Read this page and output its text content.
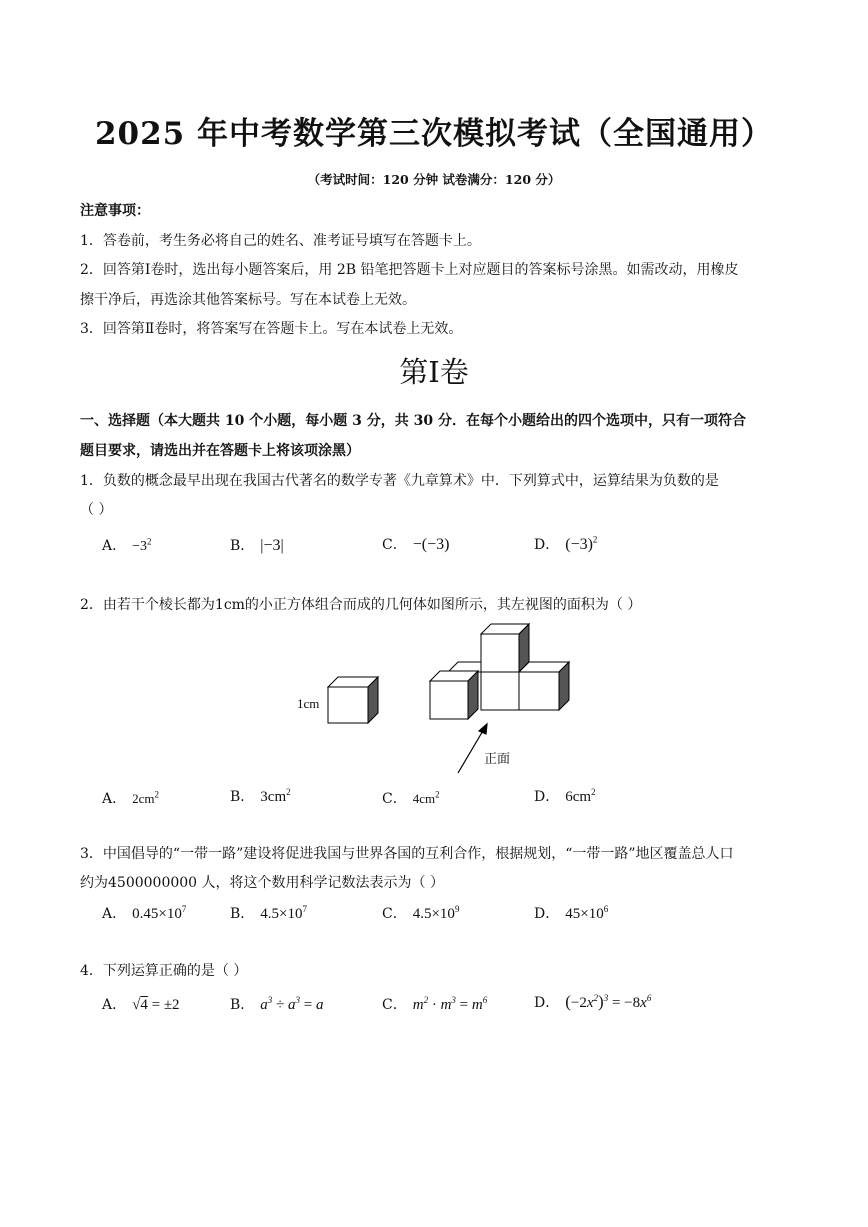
2025 年中考数学第三次模拟考试（全国通用）
（考试时间：120 分钟 试卷满分：120 分）
注意事项：
1．答卷前，考生务必将自己的姓名、准考证号填写在答题卡上。
2．回答第Ⅰ卷时，选出每小题答案后，用 2B 铅笔把答题卡上对应题目的答案标号涂黑。如需改动，用橡皮
擦干净后，再选涂其他答案标号。写在本试卷上无效。
3．回答第Ⅱ卷时，将答案写在答题卡上。写在本试卷上无效。
第Ⅰ卷
一、选择题（本大题共 10 个小题，每小题 3 分，共 30 分．在每个小题给出的四个选项中，只有一项符合
题目要求，请选出并在答题卡上将该项涂黑）
1．负数的概念最早出现在我国古代著名的数学专著《九章算术》中．下列算式中，运算结果为负数的是
（ ）
A． $-3^2$	B． |−3|	C． −(−3)	D． $(-3)^2$
2．由若干个棱长都为1cm的小正方体组合而成的几何体如图所示，其左视图的面积为（ ）
1cm
正面
A． $2cm^2$	B． $3cm^2$	C． $4cm^2$	D． $6cm^2$
3．中国倡导的“一带一路”建设将促进我国与世界各国的互利合作，根据规划，“一带一路”地区覆盖总人口
约为4500000000 人，将这个数用科学记数法表示为（ ）
A． $0.45\times 10^7$	B． $4.5\times 10^7$	C． $4.5\times 10^9$	D． $45\times 10^6$
4．下列运算正确的是（ ）
A． √4 = ±2	B． $a^3 \div a^3 = a$	C． $m^2 \cdot m^3 = m^6$	D． $(-2x^2)^3 = -8x^6$
